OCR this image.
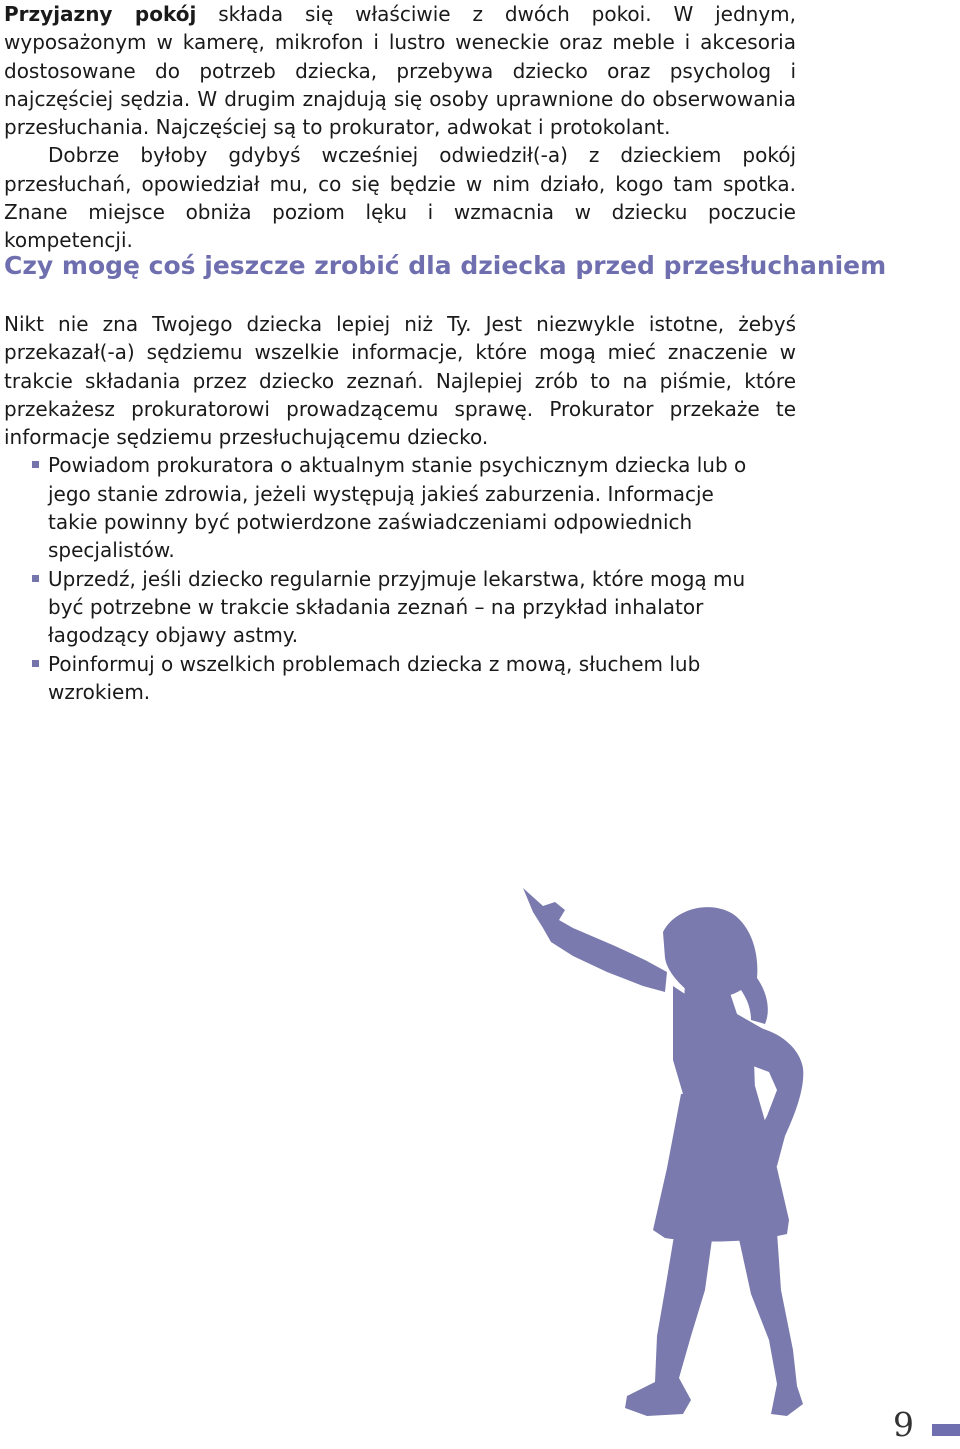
Przyjazny pokój składa się właściwie z dwóch pokoi. W jednym, wyposażonym w kamerę, mikrofon i lustro weneckie oraz meble i akcesoria dostosowane do potrzeb dziecka, przebywa dziecko oraz psycholog i najczęściej sędzia. W drugim znajdują się osoby uprawnione do obserwowania przesłuchania. Najczęściej są to prokurator, adwokat i protokolant.

Dobrze byłoby gdybyś wcześniej odwiedził(-a) z dzieckiem pokój przesłuchań, opowiedział mu, co się będzie w nim działo, kogo tam spotka. Znane miejsce obniża poziom lęku i wzmacnia w dziecku poczucie kompetencji.

Czy mogę coś jeszcze zrobić dla dziecka przed przesłuchaniem

Nikt nie zna Twojego dziecka lepiej niż Ty. Jest niezwykle istotne, żebyś przekazał(-a) sędziemu wszelkie informacje, które mogą mieć znaczenie w trakcie składania przez dziecko zeznań. Najlepiej zrób to na piśmie, które przekażesz prokuratorowi prowadzącemu sprawę. Prokurator przekaże te informacje sędziemu przesłuchującemu dziecko.

Powiadom prokuratora o aktualnym stanie psychicznym dziecka lub o jego stanie zdrowia, jeżeli występują jakieś zaburzenia. Informacje takie powinny być potwierdzone zaświadczeniami odpowiednich specjalistów.
Uprzedź, jeśli dziecko regularnie przyjmuje lekarstwa, które mogą mu być potrzebne w trakcie składania zeznań – na przykład inhalator łagodzący objawy astmy.
Poinformuj o wszelkich problemach dziecka z mową, słuchem lub wzrokiem.
9
